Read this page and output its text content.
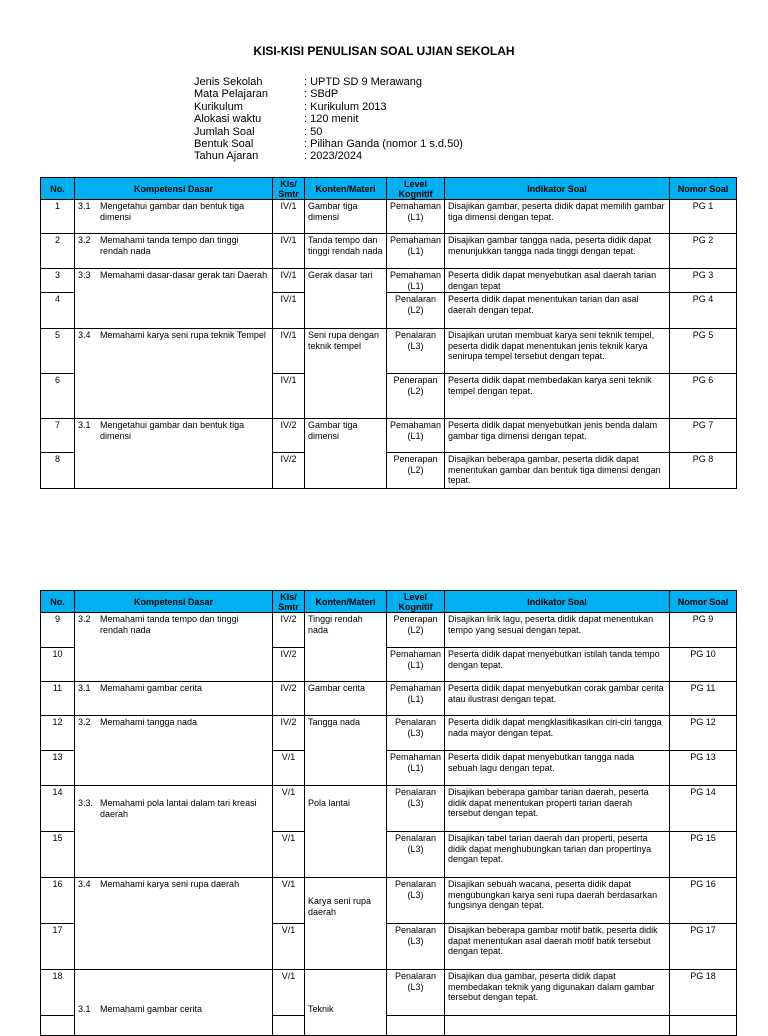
KISI-KISI PENULISAN SOAL UJIAN SEKOLAH
Jenis Sekolah	: UPTD SD 9 Merawang
Mata Pelajaran	: SBdP
Kurikulum	: Kurikulum 2013
Alokasi waktu	: 120 menit
Jumlah Soal	: 50
Bentuk Soal	: Pilihan Ganda (nomor 1 s.d.50)
Tahun Ajaran	: 2023/2024
No.	Kompetensi Dasar	Kls/ Smtr	Konten/Materi	Level Kognitif	Indikator Soal	Nomor Soal
1	3.1 Mengetahui gambar dan bentuk tiga dimensi	IV/1	Gambar tiga dimensi	Pemahaman (L1)	Disajikan gambar, peserta didik dapat memilih gambar tiga dimensi dengan tepat.	PG 1
2	3.2 Memahami tanda tempo dan tinggi rendah nada	IV/1	Tanda tempo dan tinggi rendah nada	Pemahaman (L1)	Disajikan gambar tangga nada, peserta didik dapat menunjukkan tangga nada tinggi dengan tepat.	PG 2
3	3.3 Memahami dasar-dasar gerak tari Daerah	IV/1	Gerak dasar tari	Pemahaman (L1)	Peserta didik dapat menyebutkan asal daerah tarian dengan tepat	PG 3
4		IV/1		Penalaran (L2)	Peserta didik dapat menentukan tarian dan asal daerah dengan tepat.	PG 4
5	3.4 Memahami karya seni rupa teknik Tempel	IV/1	Seni rupa dengan teknik tempel	Penalaran (L3)	Disajikan urutan membuat karya seni teknik tempel, peserta didik dapat menentukan jenis teknik karya senirupa tempel tersebut dengan tepat.	PG 5
6		IV/1		Penerapan (L2)	Peserta didik dapat membedakan karya seni teknik tempel dengan tepat.	PG 6
7	3.1 Mengetahui gambar dan bentuk tiga dimensi	IV/2	Gambar tiga dimensi	Pemahaman (L1)	Peserta didik dapat menyebutkan jenis benda dalam gambar tiga dimensi dengan tepat.	PG 7
8		IV/2		Penerapan (L2)	Disajikan beberapa gambar, peserta didik dapat menentukan gambar dan bentuk tiga dimensi dengan tepat.	PG 8
No.	Kompetensi Dasar	Kls/ Smtr	Konten/Materi	Level Kognitif	Indikator Soal	Nomor Soal
9	3.2 Memahami tanda tempo dan tinggi rendah nada	IV/2	Tinggi rendah nada	Penerapan (L2)	Disajikan lirik lagu, peserta didik dapat menentukan tempo yang sesuai dengan tepat.	PG 9
10		IV/2		Pemahaman (L1)	Peserta didik dapat menyebutkan istilah tanda tempo dengan tepat.	PG 10
11	3.1 Memahami gambar cerita	IV/2	Gambar cerita	Pemahaman (L1)	Peserta didik dapat menyebutkan corak gambar cerita atau ilustrasi dengan tepat.	PG 11
12	3.2 Memahami tangga nada	IV/2	Tangga nada	Penalaran (L3)	Peserta didik dapat mengklasifikasikan ciri-ciri tangga nada mayor dengan tepat.	PG 12
13		V/1		Pemahaman (L1)	Peserta didik dapat menyebutkan tangga nada sebuah lagu dengan tepat.	PG 13
14	3.3. Memahami pola lantai dalam tari kreasi daerah	V/1	Pola lantai	Penalaran (L3)	Disajikan beberapa gambar tarian daerah, peserta didik dapat menentukan properti tarian daerah tersebut dengan tepat.	PG 14
15		V/1		Penalaran (L3)	Disajikan tabel tarian daerah dan properti, peserta didik dapat menghubungkan tarian dan propertinya dengan tepat.	PG 15
16	3.4 Memahami karya seni rupa daerah	V/1	Karya seni rupa daerah	Penalaran (L3)	Disajikan sebuah wacana, peserta didik dapat mengubungkan karya seni rupa daerah berdasarkan fungsinya dengan tepat.	PG 16
17		V/1		Penalaran (L3)	Disajikan beberapa gambar motif batik, peserta didik dapat menentukan asal daerah motif batik tersebut dengan tepat.	PG 17
18	3.1 Memahami gambar cerita	V/1	Teknik	Penalaran (L3)	Disajikan dua gambar, peserta didik dapat membedakan teknik yang digunakan dalam gambar tersebut dengan tepat.	PG 18
